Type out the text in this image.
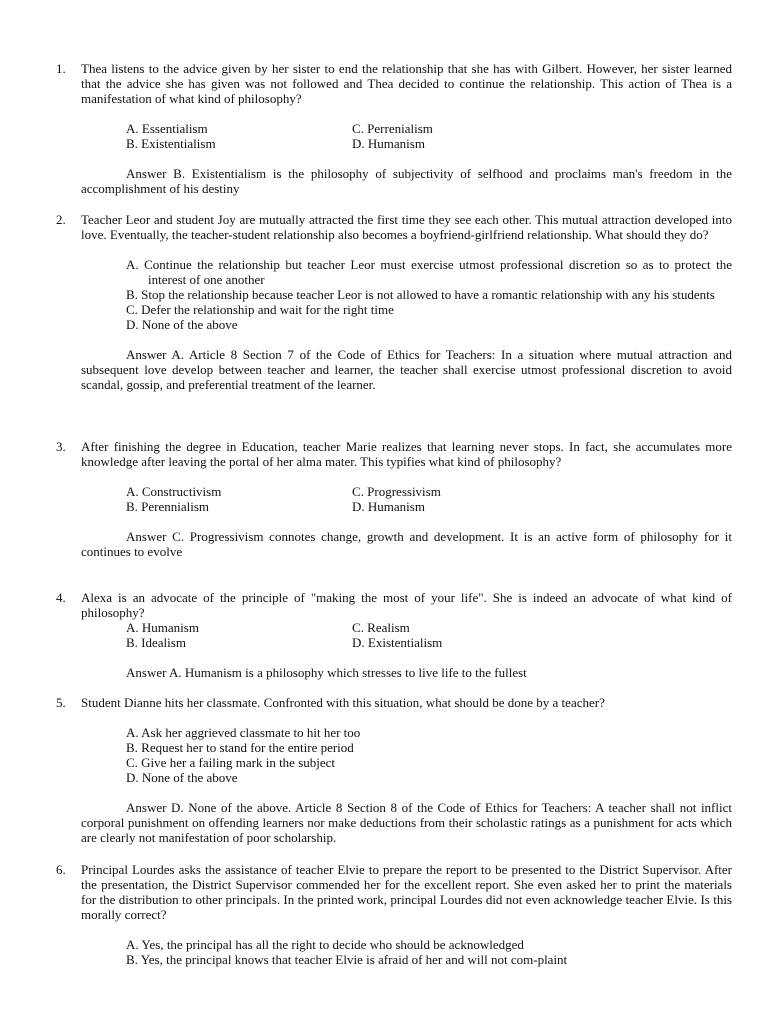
1.	Thea listens to the advice given by her sister to end the relationship that she has with Gilbert. However, her sister learned that the advice she has given was not followed and Thea decided to continue the relationship. This action of Thea is a manifestation of what kind of philosophy?
A. Essentialism
B. Existentialism
C. Perrenialism
D. Humanism
Answer B. Existentialism is the philosophy of subjectivity of selfhood and proclaims man's freedom in the accomplishment of his destiny
2.	Teacher Leor and student Joy are mutually attracted the first time they see each other. This mutual attraction developed into love. Eventually, the teacher-student relationship also becomes a boyfriend-girlfriend relationship. What should they do?
A. Continue the relationship but teacher Leor must exercise utmost professional discretion so as to protect the interest of one another
B. Stop the relationship because teacher Leor is not allowed to have a romantic relationship with any his students
C. Defer the relationship and wait for the right time
D. None of the above
Answer A. Article 8 Section 7 of the Code of Ethics for Teachers: In a situation where mutual attraction and subsequent love develop between teacher and learner, the teacher shall exercise utmost professional discretion to avoid scandal, gossip, and preferential treatment of the learner.
3.	After finishing the degree in Education, teacher Marie realizes that learning never stops. In fact, she accumulates more knowledge after leaving the portal of her alma mater. This typifies what kind of philosophy?
A. Constructivism
B. Perennialism
C. Progressivism
D. Humanism
Answer C. Progressivism connotes change, growth and development. It is an active form of philosophy for it continues to evolve
4.	Alexa is an advocate of the principle of "making the most of your life". She is indeed an advocate of what kind of philosophy?
A. Humanism
B. Idealism
C. Realism
D. Existentialism
Answer A. Humanism is a philosophy which stresses to live life to the fullest
5.	Student Dianne hits her classmate. Confronted with this situation, what should be done by a teacher?
A. Ask her aggrieved classmate to hit her too
B. Request her to stand for the entire period
C. Give her a failing mark in the subject
D. None of the above
Answer D. None of the above. Article 8 Section 8 of the Code of Ethics for Teachers: A teacher shall not inflict corporal punishment on offending learners nor make deductions from their scholastic ratings as a punishment for acts which are clearly not manifestation of poor scholarship.
6.	Principal Lourdes asks the assistance of teacher Elvie to prepare the report to be presented to the District Supervisor. After the presentation, the District Supervisor commended her for the excellent report. She even asked her to print the materials for the distribution to other principals. In the printed work, principal Lourdes did not even acknowledge teacher Elvie. Is this morally correct?
A. Yes, the principal has all the right to decide who should be acknowledged
B. Yes, the principal knows that teacher Elvie is afraid of her and will not com-plaint
